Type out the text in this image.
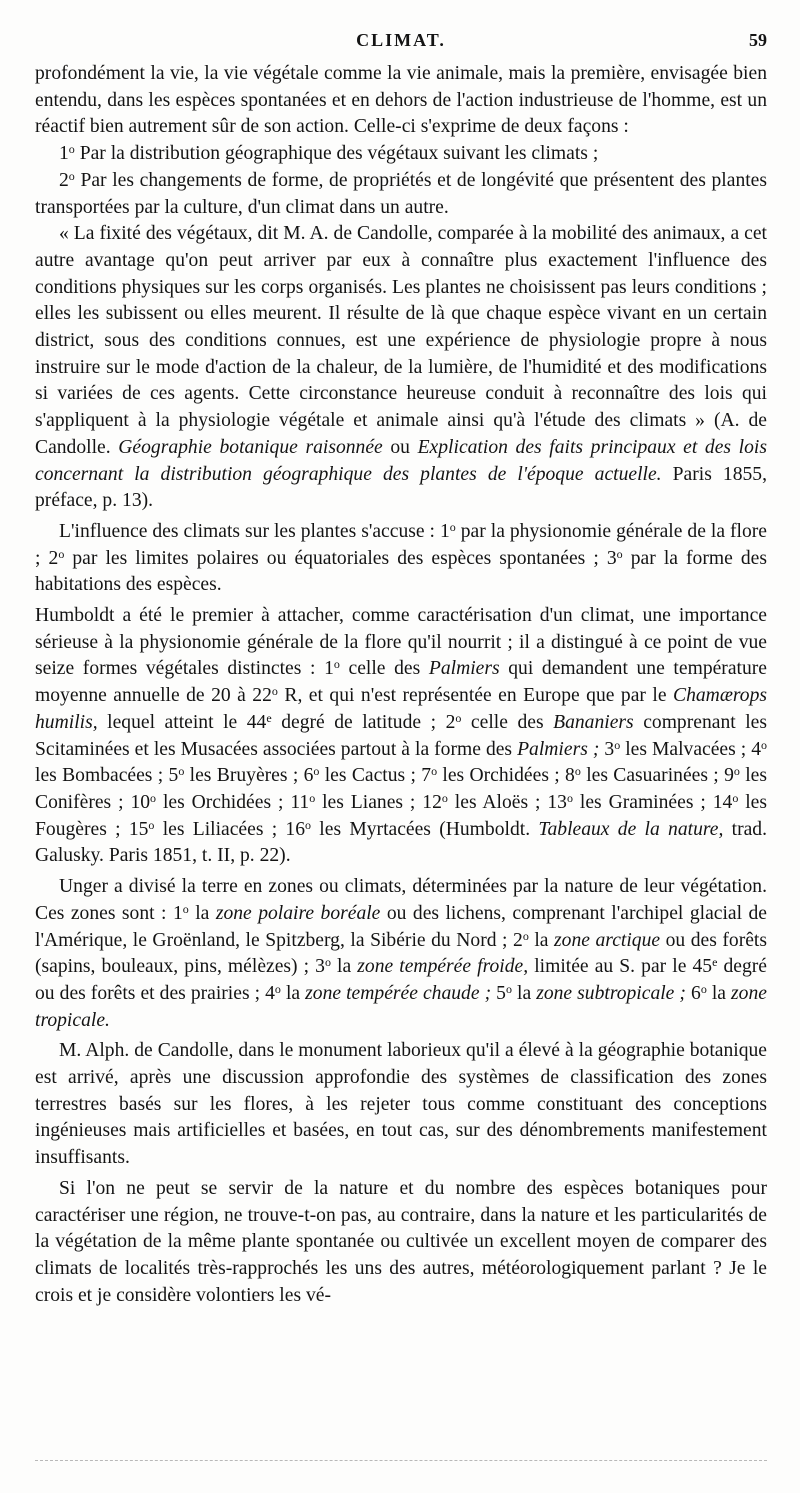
CLIMAT.	59

profondément la vie, la vie végétale comme la vie animale, mais la première, envisagée bien entendu, dans les espèces spontanées et en dehors de l'action industrieuse de l'homme, est un réactif bien autrement sûr de son action. Celle-ci s'exprime de deux façons :

1$^o$ Par la distribution géographique des végétaux suivant les climats ;

2$^o$ Par les changements de forme, de propriétés et de longévité que présentent des plantes transportées par la culture, d'un climat dans un autre.

« La fixité des végétaux, dit M. A. de Candolle, comparée à la mobilité des animaux, a cet autre avantage qu'on peut arriver par eux à connaître plus exactement l'influence des conditions physiques sur les corps organisés. Les plantes ne choisissent pas leurs conditions ; elles les subissent ou elles meurent. Il résulte de là que chaque espèce vivant en un certain district, sous des conditions connues, est une expérience de physiologie propre à nous instruire sur le mode d'action de la chaleur, de la lumière, de l'humidité et des modifications si variées de ces agents. Cette circonstance heureuse conduit à reconnaître des lois qui s'appliquent à la physiologie végétale et animale ainsi qu'à l'étude des climats » (A. de Candolle. Géographie botanique raisonnée ou Explication des faits principaux et des lois concernant la distribution géographique des plantes de l'époque actuelle. Paris 1855, préface, p. 13).

L'influence des climats sur les plantes s'accuse : 1$^o$ par la physionomie générale de la flore ; 2$^o$ par les limites polaires ou équatoriales des espèces spontanées ; 3$^o$ par la forme des habitations des espèces.

Humboldt a été le premier à attacher, comme caractérisation d'un climat, une importance sérieuse à la physionomie générale de la flore qu'il nourrit ; il a distingué à ce point de vue seize formes végétales distinctes : 1$^o$ celle des Palmiers qui demandent une température moyenne annuelle de 20 à 22$^o$ R, et qui n'est représentée en Europe que par le Chamærops humilis, lequel atteint le 44e degré de latitude ; 2$^o$ celle des Bananiers comprenant les Scitaminées et les Musacées associées partout à la forme des Palmiers ; 3$^o$ les Malvacées ; 4$^o$ les Bombacées ; 5$^o$ les Bruyères ; 6$^o$ les Cactus ; 7$^o$ les Orchidées ; 8$^o$ les Casuarinées ; 9$^o$ les Conifères ; 10$^o$ les Orchidées ; 11$^o$ les Lianes ; 12$^o$ les Aloës ; 13$^o$ les Graminées ; 14$^o$ les Fougères ; 15$^o$ les Liliacées ; 16$^o$ les Myrtacées (Humboldt. Tableaux de la nature, trad. Galusky. Paris 1851, t. II, p. 22).

Unger a divisé la terre en zones ou climats, déterminées par la nature de leur végétation. Ces zones sont : 1$^o$ la zone polaire boréale ou des lichens, comprenant l'archipel glacial de l'Amérique, le Groënland, le Spitzberg, la Sibérie du Nord ; 2$^o$ la zone arctique ou des forêts (sapins, bouleaux, pins, mélèzes) ; 3$^o$ la zone tempérée froide, limitée au S. par le 45e degré ou des forêts et des prairies ; 4$^o$ la zone tempérée chaude ; 5$^o$ la zone subtropicale ; 6$^o$ la zone tropicale.

M. Alph. de Candolle, dans le monument laborieux qu'il a élevé à la géographie botanique est arrivé, après une discussion approfondie des systèmes de classification des zones terrestres basés sur les flores, à les rejeter tous comme constituant des conceptions ingénieuses mais artificielles et basées, en tout cas, sur des dénombrements manifestement insuffisants.

Si l'on ne peut se servir de la nature et du nombre des espèces botaniques pour caractériser une région, ne trouve-t-on pas, au contraire, dans la nature et les particularités de la végétation de la même plante spontanée ou cultivée un excellent moyen de comparer des climats de localités très-rapprochés les uns des autres, météorologiquement parlant ? Je le crois et je considère volontiers les vé-
